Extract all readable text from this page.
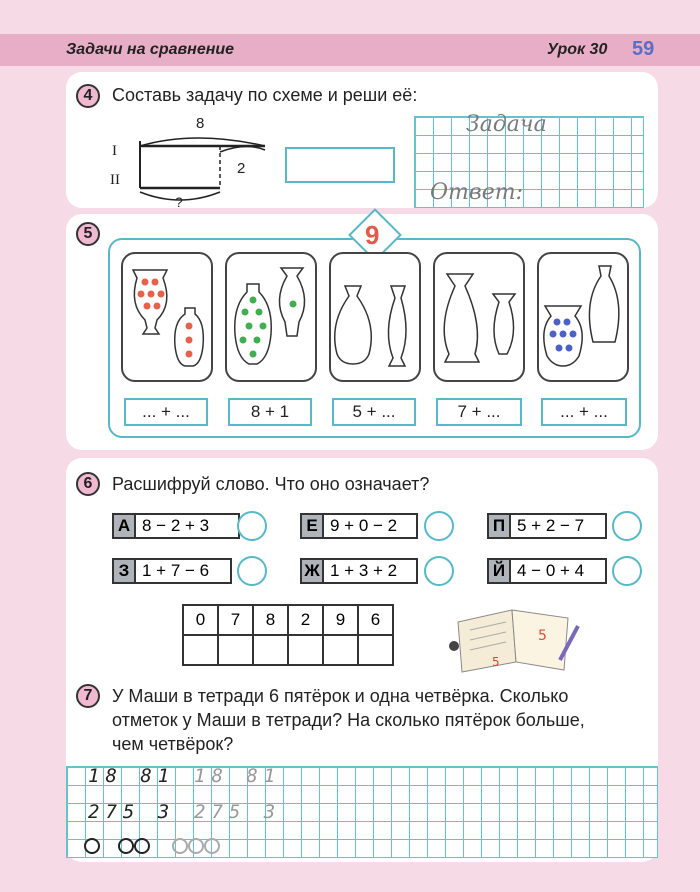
Задачи на сравнение	Урок 30 59
4	Составь задачу по схеме и реши её:
8
2
?
I
II
Задача
Ответ:
5	9
... + ...	8 + 1	5 + ...	7 + ...	... + ...
6	Расшифруй слово. Что оно означает?
А 8 − 2 + 3	Е 9 + 0 − 2	П 5 + 2 − 7
З 1 + 7 − 6	Ж 1 + 3 + 2	Й 4 − 0 + 4
0	7	8	2	9	6

5
5
7	У Маши в тетради 6 пятёрок и одна четвёрка. Сколько
отметок у Маши в тетради? На сколько пятёрок больше,
чем четвёрок?
18 81 18 81
275 3 275 3
